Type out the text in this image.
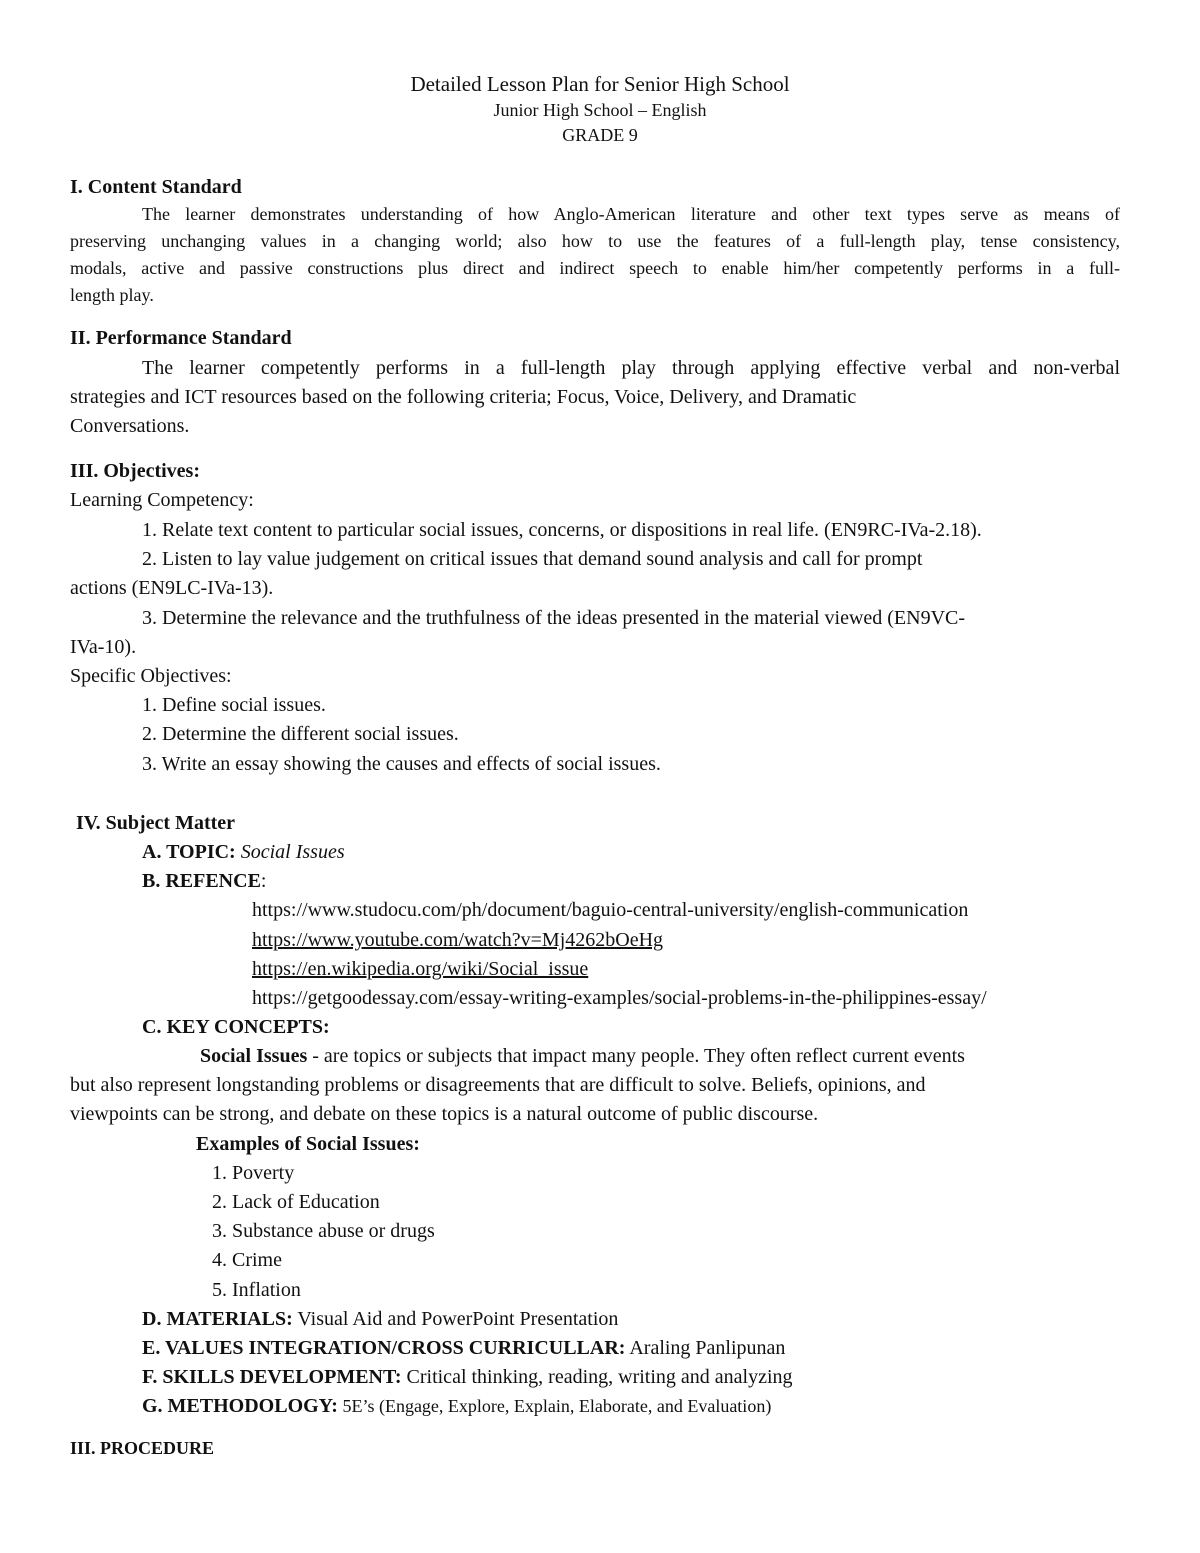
Detailed Lesson Plan for Senior High School
Junior High School – English
GRADE 9
I. Content Standard
The learner demonstrates understanding of how Anglo-American literature and other text types serve as means of
preserving unchanging values in a changing world; also how to use the features of a full-length play, tense consistency,
modals, active and passive constructions plus direct and indirect speech to enable him/her competently performs in a full-
length play.
II. Performance Standard
The learner competently performs in a full-length play through applying effective verbal and non-verbal
strategies and ICT resources based on the following criteria; Focus, Voice, Delivery, and Dramatic
Conversations.
III. Objectives:
Learning Competency:
1. Relate text content to particular social issues, concerns, or dispositions in real life. (EN9RC-IVa-2.18).
2. Listen to lay value judgement on critical issues that demand sound analysis and call for prompt
actions (EN9LC-IVa-13).
3. Determine the relevance and the truthfulness of the ideas presented in the material viewed (EN9VC-
IVa-10).
Specific Objectives:
1. Define social issues.
2. Determine the different social issues.
3. Write an essay showing the causes and effects of social issues.
IV. Subject Matter
A. TOPIC: Social Issues
B. REFENCE:
https://www.studocu.com/ph/document/baguio-central-university/english-communication
https://www.youtube.com/watch?v=Mj4262bOeHg
https://en.wikipedia.org/wiki/Social_issue
https://getgoodessay.com/essay-writing-examples/social-problems-in-the-philippines-essay/
C. KEY CONCEPTS:
Social Issues - are topics or subjects that impact many people. They often reflect current events
but also represent longstanding problems or disagreements that are difficult to solve. Beliefs, opinions, and
viewpoints can be strong, and debate on these topics is a natural outcome of public discourse.
Examples of Social Issues:
1. Poverty
2. Lack of Education
3. Substance abuse or drugs
4. Crime
5. Inflation
D. MATERIALS: Visual Aid and PowerPoint Presentation
E. VALUES INTEGRATION/CROSS CURRICULLAR: Araling Panlipunan
F. SKILLS DEVELOPMENT: Critical thinking, reading, writing and analyzing
G. METHODOLOGY: 5E’s (Engage, Explore, Explain, Elaborate, and Evaluation)
III. PROCEDURE
